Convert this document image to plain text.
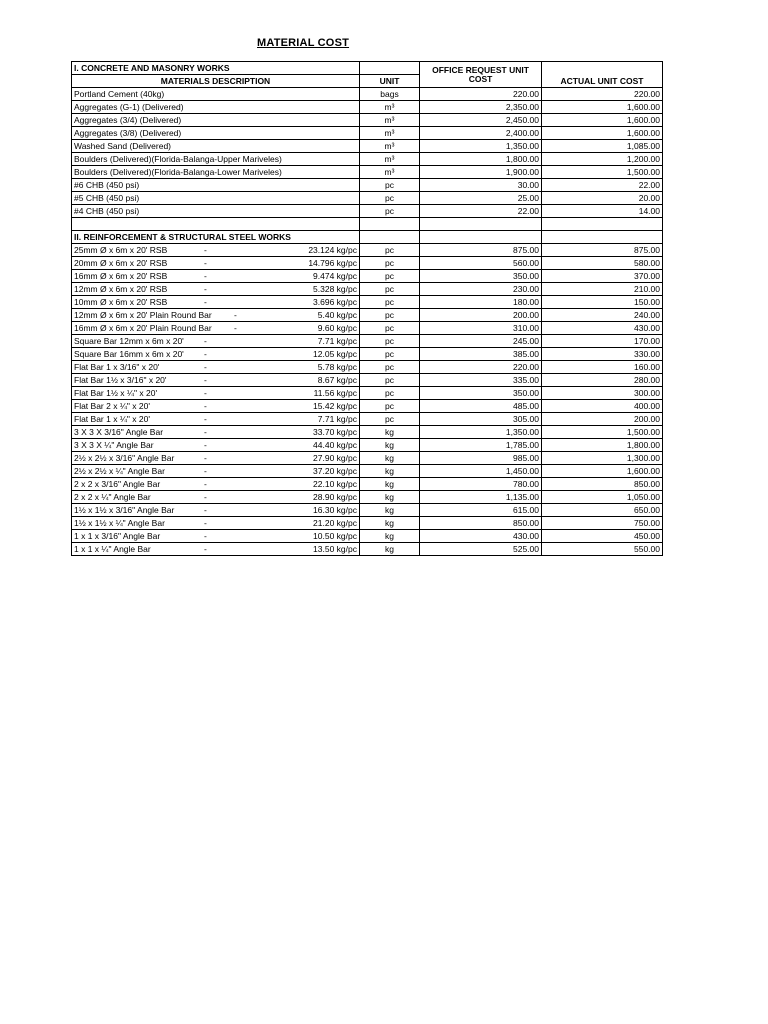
MATERIAL COST
I. CONCRETE AND MASONRY WORKS		OFFICE REQUEST UNIT COST	ACTUAL UNIT COST
MATERIALS DESCRIPTION	UNIT		
Portland Cement (40kg)	bags	220.00	220.00
Aggregates (G-1) (Delivered)	m³	2,350.00	1,600.00
Aggregates (3/4) (Delivered)	m³	2,450.00	1,600.00
Aggregates (3/8) (Delivered)	m³	2,400.00	1,600.00
Washed Sand (Delivered)	m³	1,350.00	1,085.00
Boulders (Delivered)(Florida-Balanga-Upper Mariveles)	m³	1,800.00	1,200.00
Boulders (Delivered)(Florida-Balanga-Lower Mariveles)	m³	1,900.00	1,500.00
#6 CHB (450 psi)	pc	30.00	22.00
#5 CHB (450 psi)	pc	25.00	20.00
#4 CHB (450 psi)	pc	22.00	14.00

II. REINFORCEMENT & STRUCTURAL STEEL WORKS			

25mm Ø x 6m x 20' RSB - 23.124 kg/pc	pc	875.00	875.00

20mm Ø x 6m x 20' RSB - 14.796 kg/pc	pc	560.00	580.00

16mm Ø x 6m x 20' RSB - 9.474 kg/pc	pc	350.00	370.00

12mm Ø x 6m x 20' RSB - 5.328 kg/pc	pc	230.00	210.00

10mm Ø x 6m x 20' RSB - 3.696 kg/pc	pc	180.00	150.00

12mm Ø x 6m x 20' Plain Round Bar - 5.40 kg/pc	pc	200.00	240.00

16mm Ø x 6m x 20' Plain Round Bar - 9.60 kg/pc	pc	310.00	430.00

Square Bar 12mm x 6m x 20' - 7.71 kg/pc	pc	245.00	170.00

Square Bar 16mm x 6m x 20' - 12.05 kg/pc	pc	385.00	330.00

Flat Bar 1 x 3/16" x 20' - 5.78 kg/pc	pc	220.00	160.00

Flat Bar 1½ x 3/16" x 20' - 8.67 kg/pc	pc	335.00	280.00

Flat Bar 1½ x ¼" x 20' - 11.56 kg/pc	pc	350.00	300.00

Flat Bar 2 x ¼" x 20' - 15.42 kg/pc	pc	485.00	400.00

Flat Bar 1 x ¼" x 20' - 7.71 kg/pc	pc	305.00	200.00

3 X 3 X 3/16" Angle Bar - 33.70 kg/pc	kg	1,350.00	1,500.00

3 X 3 X ¼" Angle Bar - 44.40 kg/pc	kg	1,785.00	1,800.00

2½ x 2½ x 3/16" Angle Bar - 27.90 kg/pc	kg	985.00	1,300.00

2½ x 2½ x ¼" Angle Bar - 37.20 kg/pc	kg	1,450.00	1,600.00

2 x 2 x 3/16" Angle Bar - 22.10 kg/pc	kg	780.00	850.00

2 x 2 x ¼" Angle Bar - 28.90 kg/pc	kg	1,135.00	1,050.00

1½ x 1½ x 3/16" Angle Bar - 16.30 kg/pc	kg	615.00	650.00

1½ x 1½ x ¼" Angle Bar - 21.20 kg/pc	kg	850.00	750.00

1 x 1 x 3/16" Angle Bar - 10.50 kg/pc	kg	430.00	450.00

1 x 1 x ¼" Angle Bar - 13.50 kg/pc	kg	525.00	550.00
